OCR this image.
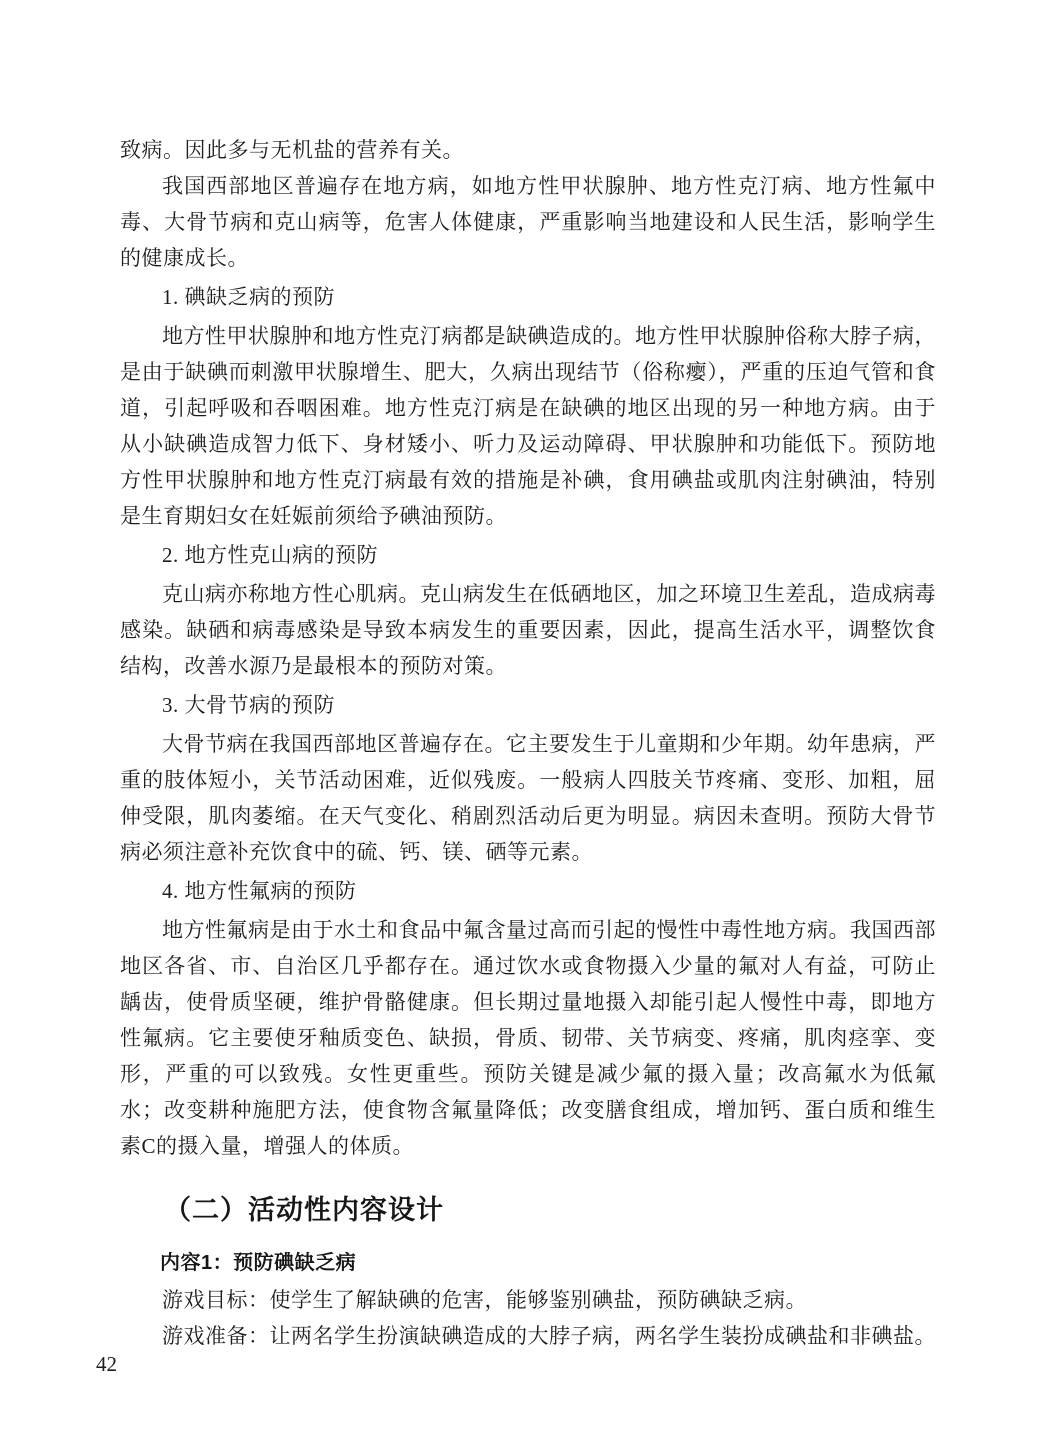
致病。因此多与无机盐的营养有关。

我国西部地区普遍存在地方病，如地方性甲状腺肿、地方性克汀病、地方性氟中毒、大骨节病和克山病等，危害人体健康，严重影响当地建设和人民生活，影响学生的健康成长。

1. 碘缺乏病的预防

地方性甲状腺肿和地方性克汀病都是缺碘造成的。地方性甲状腺肿俗称大脖子病，是由于缺碘而刺激甲状腺增生、肥大，久病出现结节（俗称瘿），严重的压迫气管和食道，引起呼吸和吞咽困难。地方性克汀病是在缺碘的地区出现的另一种地方病。由于从小缺碘造成智力低下、身材矮小、听力及运动障碍、甲状腺肿和功能低下。预防地方性甲状腺肿和地方性克汀病最有效的措施是补碘，食用碘盐或肌肉注射碘油，特别是生育期妇女在妊娠前须给予碘油预防。

2. 地方性克山病的预防

克山病亦称地方性心肌病。克山病发生在低硒地区，加之环境卫生差乱，造成病毒感染。缺硒和病毒感染是导致本病发生的重要因素，因此，提高生活水平，调整饮食结构，改善水源乃是最根本的预防对策。

3. 大骨节病的预防

大骨节病在我国西部地区普遍存在。它主要发生于儿童期和少年期。幼年患病，严重的肢体短小，关节活动困难，近似残废。一般病人四肢关节疼痛、变形、加粗，屈伸受限，肌肉萎缩。在天气变化、稍剧烈活动后更为明显。病因未查明。预防大骨节病必须注意补充饮食中的硫、钙、镁、硒等元素。

4. 地方性氟病的预防

地方性氟病是由于水土和食品中氟含量过高而引起的慢性中毒性地方病。我国西部地区各省、市、自治区几乎都存在。通过饮水或食物摄入少量的氟对人有益，可防止龋齿，使骨质坚硬，维护骨骼健康。但长期过量地摄入却能引起人慢性中毒，即地方性氟病。它主要使牙釉质变色、缺损，骨质、韧带、关节病变、疼痛，肌肉痉挛、变形，严重的可以致残。女性更重些。预防关键是减少氟的摄入量；改高氟水为低氟水；改变耕种施肥方法，使食物含氟量降低；改变膳食组成，增加钙、蛋白质和维生素C的摄入量，增强人的体质。

（二）活动性内容设计

内容1：预防碘缺乏病

游戏目标：使学生了解缺碘的危害，能够鉴别碘盐，预防碘缺乏病。

游戏准备：让两名学生扮演缺碘造成的大脖子病，两名学生装扮成碘盐和非碘盐。

42
